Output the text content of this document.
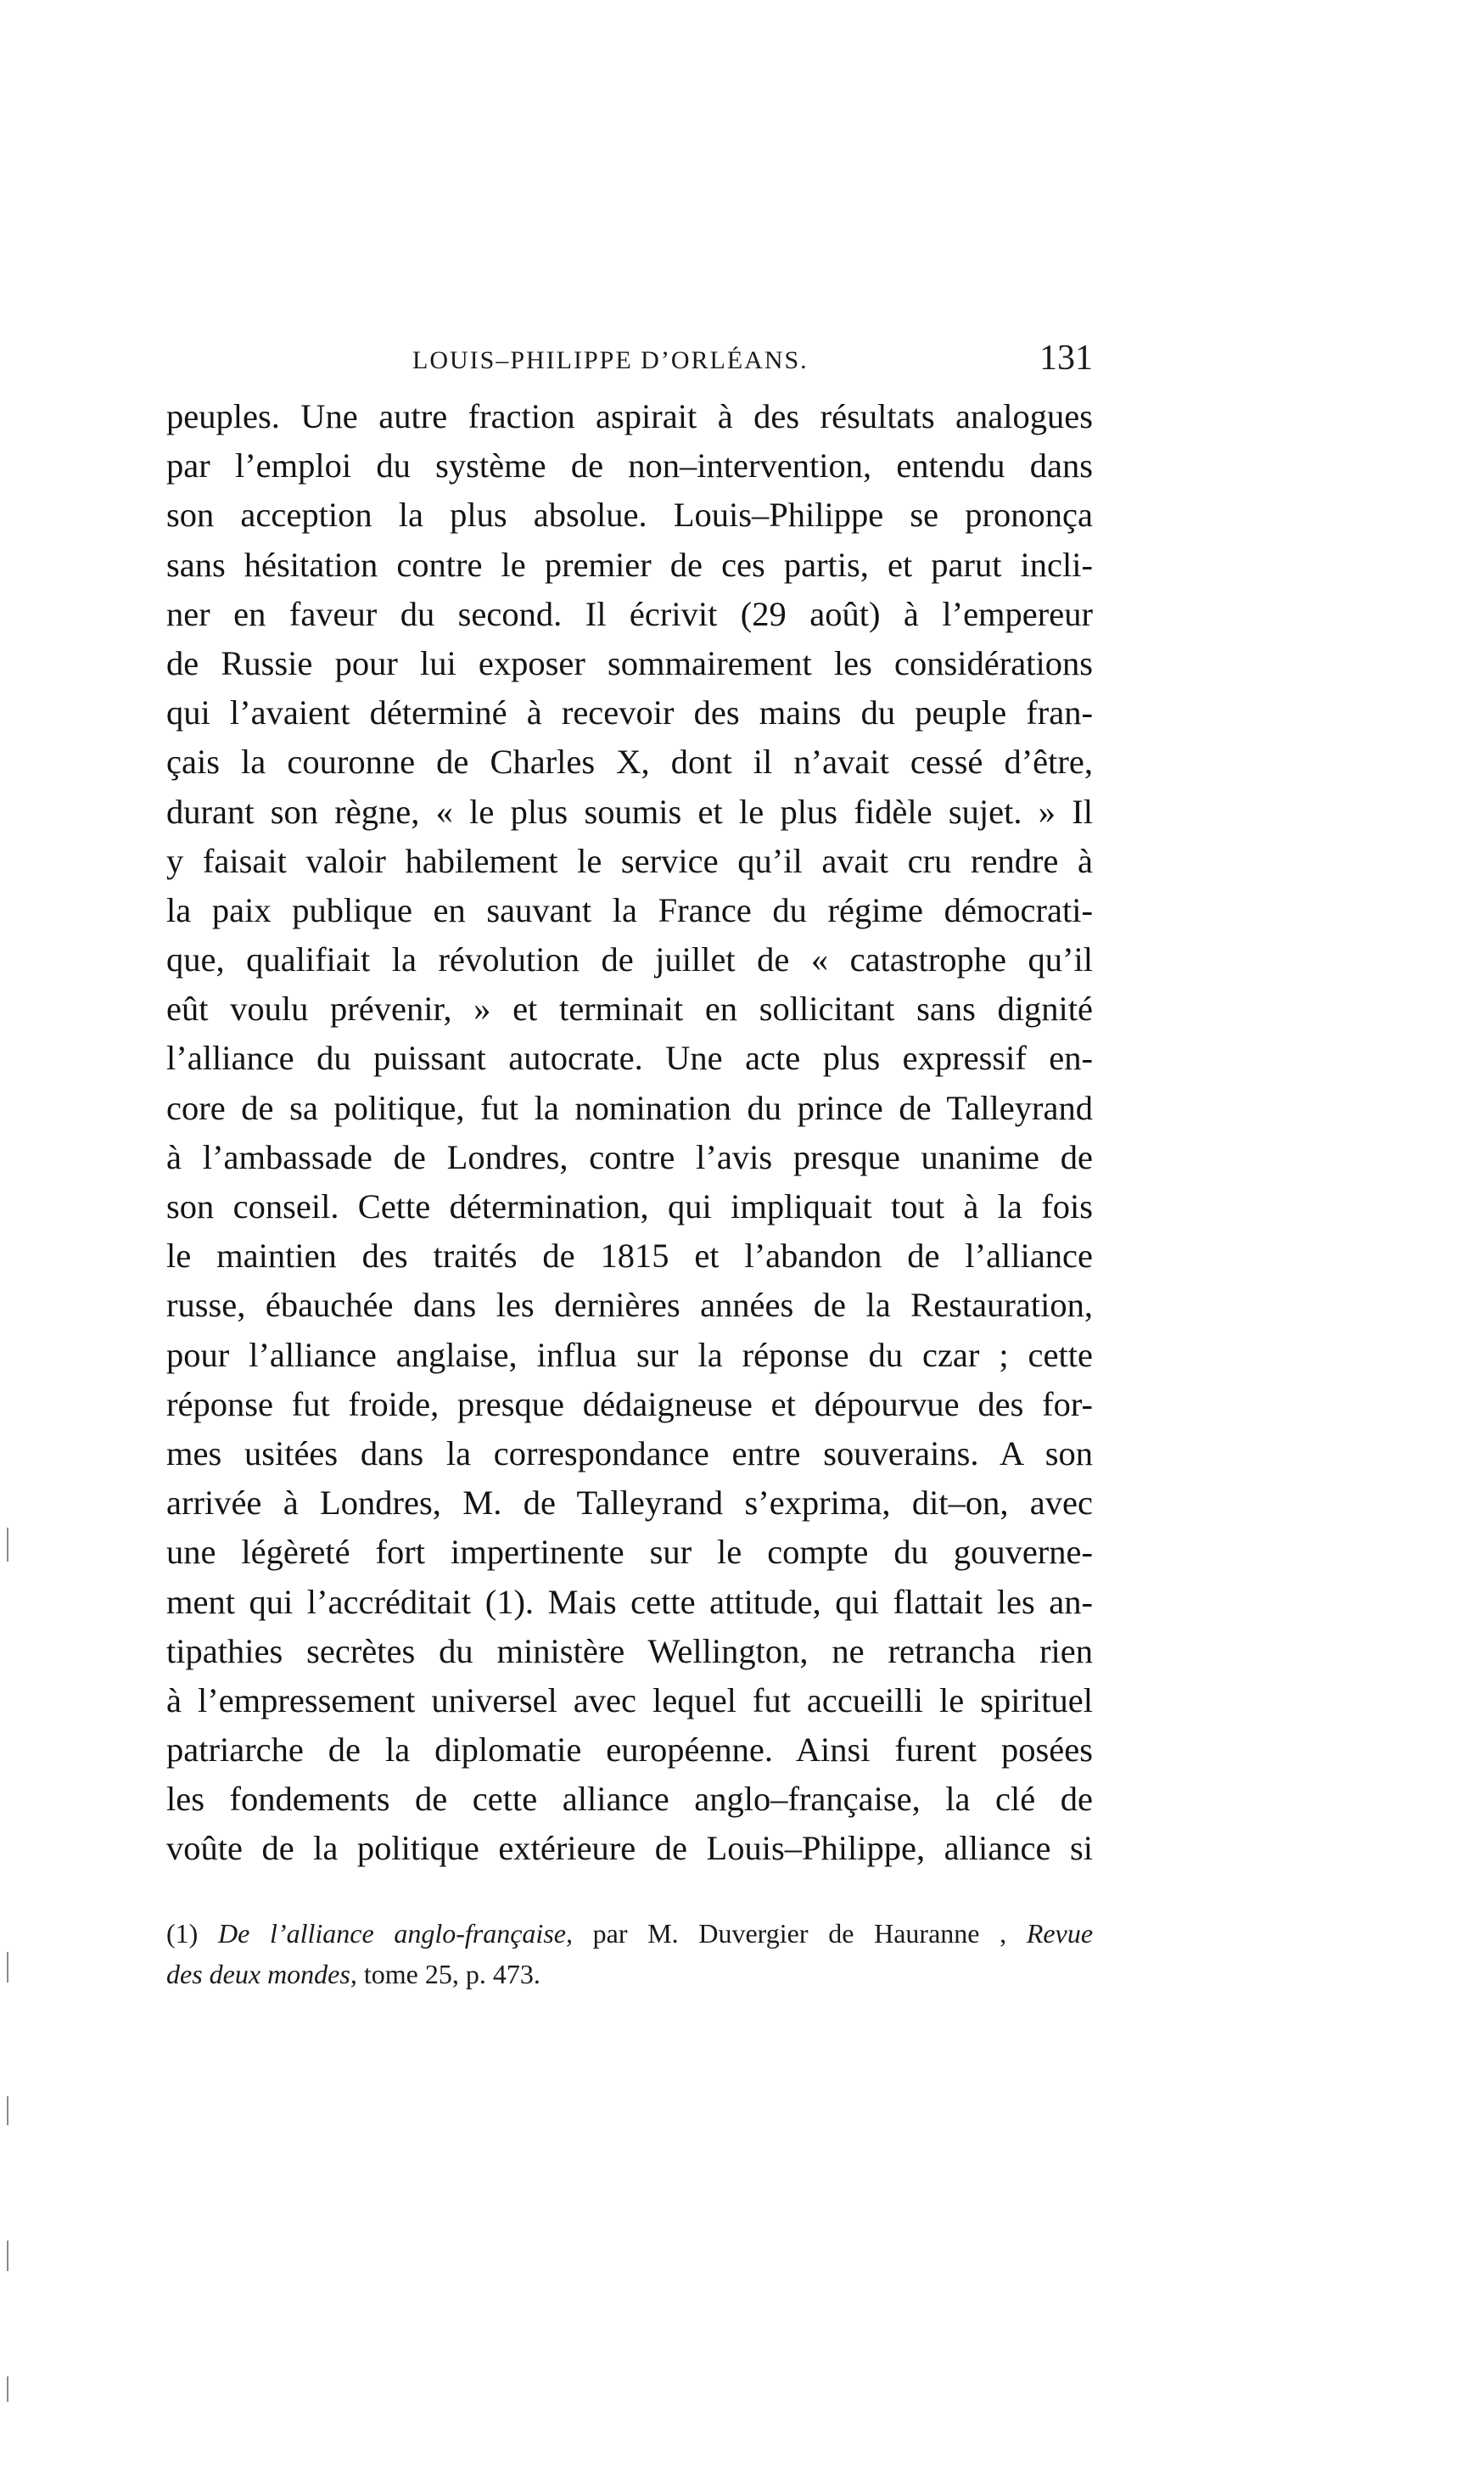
LOUIS–PHILIPPE D’ORLÉANS.	131
peuples. Une autre fraction aspirait à des résultats analogues
par l’emploi du système de non–intervention, entendu dans
son acception la plus absolue. Louis–Philippe se prononça
sans hésitation contre le premier de ces partis, et parut incli-
ner en faveur du second. Il écrivit (29 août) à l’empereur
de Russie pour lui exposer sommairement les considérations
qui l’avaient déterminé à recevoir des mains du peuple fran-
çais la couronne de Charles X, dont il n’avait cessé d’être,
durant son règne, « le plus soumis et le plus fidèle sujet. » Il
y faisait valoir habilement le service qu’il avait cru rendre à
la paix publique en sauvant la France du régime démocrati-
que, qualifiait la révolution de juillet de « catastrophe qu’il
eût voulu prévenir, » et terminait en sollicitant sans dignité
l’alliance du puissant autocrate. Une acte plus expressif en-
core de sa politique, fut la nomination du prince de Talleyrand
à l’ambassade de Londres, contre l’avis presque unanime de
son conseil. Cette détermination, qui impliquait tout à la fois
le maintien des traités de 1815 et l’abandon de l’alliance
russe, ébauchée dans les dernières années de la Restauration,
pour l’alliance anglaise, influa sur la réponse du czar ; cette
réponse fut froide, presque dédaigneuse et dépourvue des for-
mes usitées dans la correspondance entre souverains. A son
arrivée à Londres, M. de Talleyrand s’exprima, dit–on, avec
une légèreté fort impertinente sur le compte du gouverne-
ment qui l’accréditait (1). Mais cette attitude, qui flattait les an-
tipathies secrètes du ministère Wellington, ne retrancha rien
à l’empressement universel avec lequel fut accueilli le spirituel
patriarche de la diplomatie européenne. Ainsi furent posées
les fondements de cette alliance anglo–française, la clé de
voûte de la politique extérieure de Louis–Philippe, alliance si
(1) De l’alliance anglo-française, par M. Duvergier de Hauranne , Revue
des deux mondes, tome 25, p. 473.
